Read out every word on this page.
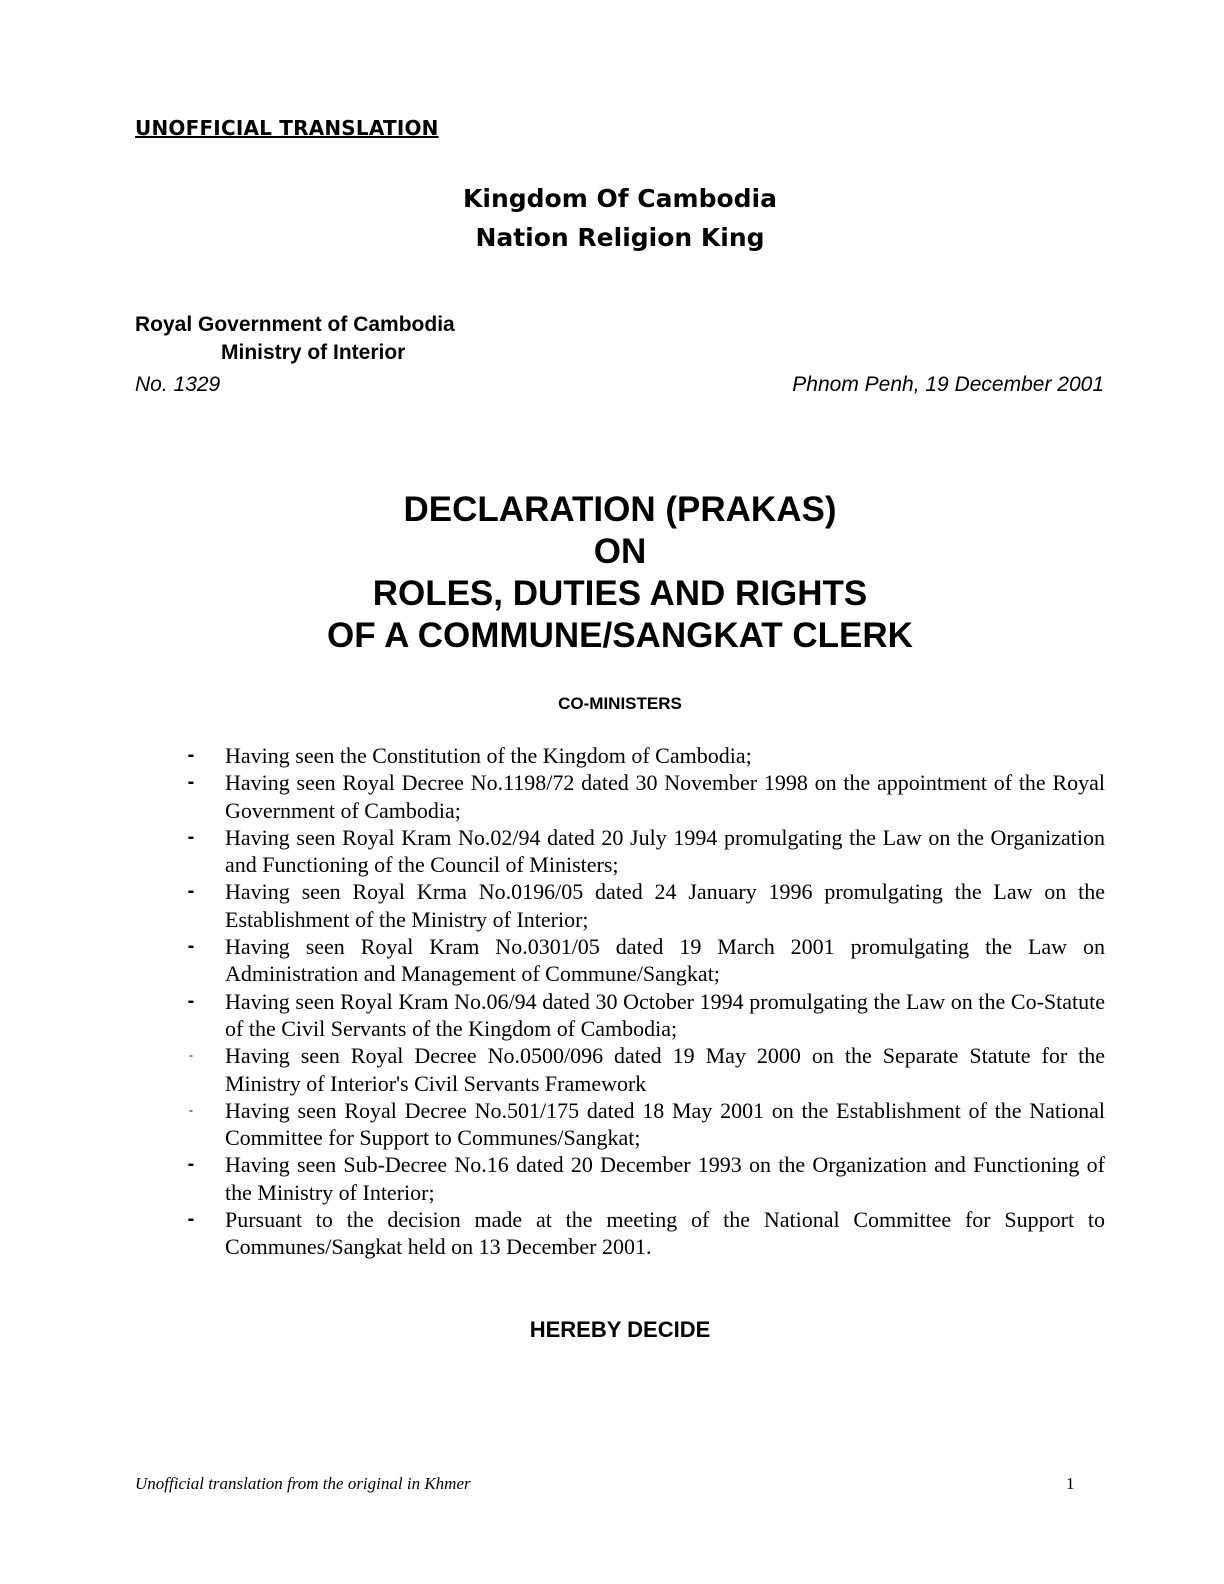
UNOFFICIAL TRANSLATION
Kingdom Of Cambodia
Nation Religion King
Royal Government of Cambodia
Ministry of Interior
No. 1329	Phnom Penh, 19 December 2001
DECLARATION (PRAKAS)
ON
ROLES, DUTIES AND RIGHTS
OF A COMMUNE/SANGKAT CLERK
CO-MINISTERS
- Having seen the Constitution of the Kingdom of Cambodia;
- Having seen Royal Decree No.1198/72 dated 30 November 1998 on the appointment of the Royal Government of Cambodia;
- Having seen Royal Kram No.02/94 dated 20 July 1994 promulgating the Law on the Organization and Functioning of the Council of Ministers;
- Having seen Royal Krma No.0196/05 dated 24 January 1996 promulgating the Law on the Establishment of the Ministry of Interior;
- Having seen Royal Kram No.0301/05 dated 19 March 2001 promulgating the Law on Administration and Management of Commune/Sangkat;
- Having seen Royal Kram No.06/94 dated 30 October 1994 promulgating the Law on the Co-Statute of the Civil Servants of the Kingdom of Cambodia;
- Having seen Royal Decree No.0500/096 dated 19 May 2000 on the Separate Statute for the Ministry of Interior's Civil Servants Framework
- Having seen Royal Decree No.501/175 dated 18 May 2001 on the Establishment of the National Committee for Support to Communes/Sangkat;
- Having seen Sub-Decree No.16 dated 20 December 1993 on the Organization and Functioning of the Ministry of Interior;
- Pursuant to the decision made at the meeting of the National Committee for Support to Communes/Sangkat held on 13 December 2001.
HEREBY DECIDE
Unofficial translation from the original in Khmer	1
